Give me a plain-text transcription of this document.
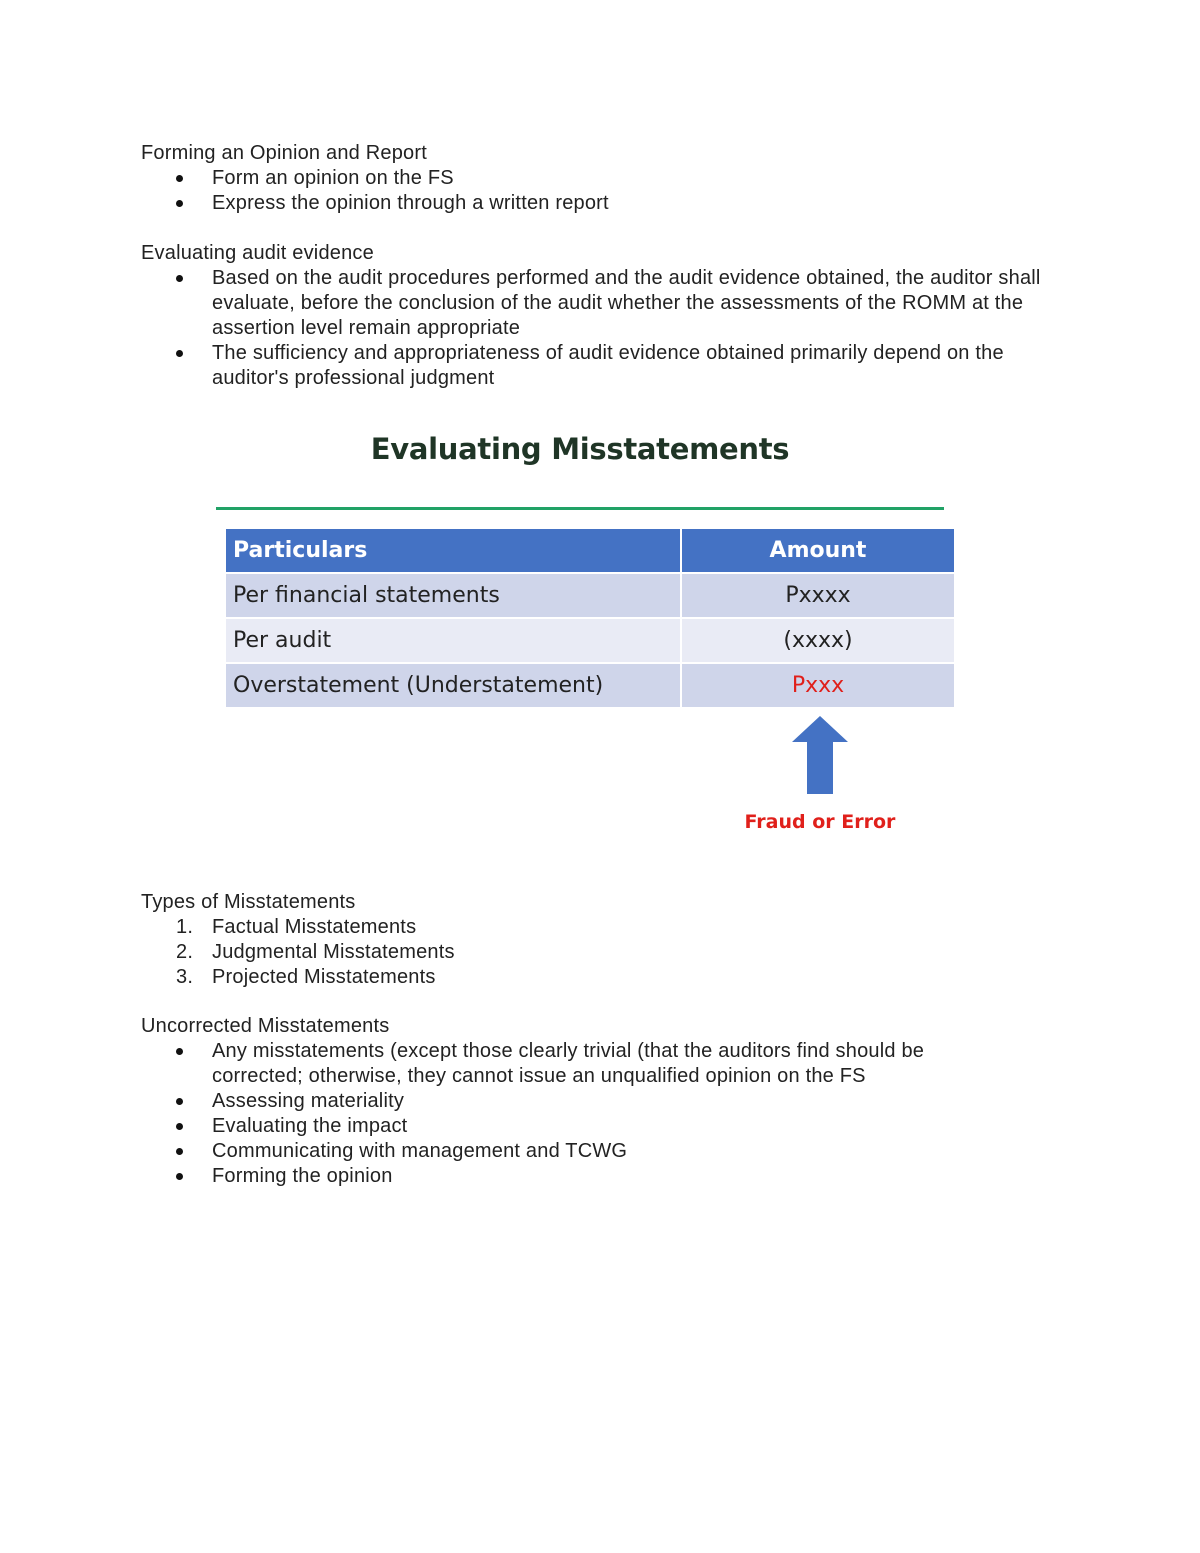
Forming an Opinion and Report
Form an opinion on the FS
Express the opinion through a written report
Evaluating audit evidence
Based on the audit procedures performed and the audit evidence obtained, the auditor shall evaluate, before the conclusion of the audit whether the assessments of the ROMM at the assertion level remain appropriate
The sufficiency and appropriateness of audit evidence obtained primarily depend on the auditor's professional judgment
Evaluating Misstatements
Particulars	Amount
Per financial statements	Pxxxx
Per audit	(xxxx)
Overstatement (Understatement)	Pxxx
Fraud or Error
Types of Misstatements
1. Factual Misstatements
2. Judgmental Misstatements
3. Projected Misstatements
Uncorrected Misstatements
Any misstatements (except those clearly trivial (that the auditors find should be corrected; otherwise, they cannot issue an unqualified opinion on the FS
Assessing materiality
Evaluating the impact
Communicating with management and TCWG
Forming the opinion
